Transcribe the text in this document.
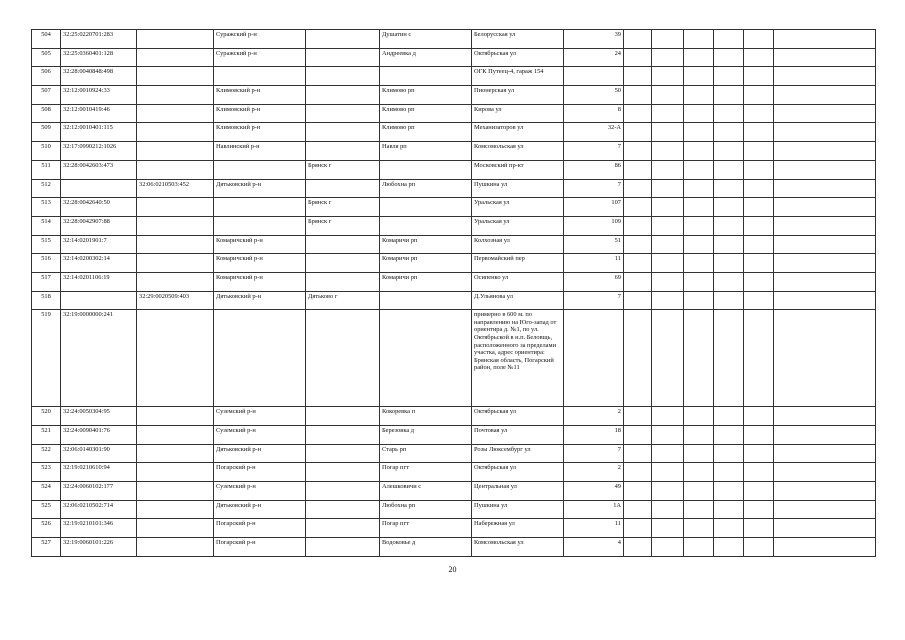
504	32:25:0220701:283		Суражский р-н		Душатин с	Белорусская ул	39						
505	32:25:0360401:128		Суражский р-н		Андреевка д	Октябрьская ул	24						
506	32:28:0040848:498					ОГК Путеец-4, гараж 154							
507	32:12:0010924:33		Климовский р-н		Климово рп	Пионерская ул	50						
508	32:12:0010419:46		Климовский р-н		Климово рп	Кирова ул	8						
509	32:12:0010401:115		Климовский р-н		Климово рп	Механизаторов ул	32-А						
510	32:17:0990212:1026		Навлинский р-н		Навля рп	Комсомольская ул	7						
511	32:28:0042603:473			Брянск г		Московский пр-кт	86						
512		32:06:0210503:452	Дятьковский р-н		Любохна рп	Пушкина ул	7						
513	32:28:0042640:50			Брянск г		Уральская ул	107						
514	32:28:0042907:88			Брянск г		Уральская ул	109						
515	32:14:0201901:7		Комаричский р-н		Комаричи рп	Колхозная ул	51						
516	32:14:0200302:14		Комаричский р-н		Комаричи рп	Первомайский пер	11						
517	32:14:0201106:19		Комаричский р-н		Комаричи рп	Осипенко ул	69						
518		32:29:0020509:403	Дятьковский р-н	Дятьково г		Д.Ульянова ул	7						
519	32:19:0000000:241					примерно в 600 м. по направлению на Юго-запад от ориентира д. №1, по ул. Октябрьской в н.п. Беловщь, расположенного за пределами участка, адрес ориентира: Брянская область, Погарский район, поле №11							
520	32:24:0050304:95		Суземский р-н		Кокоревка п	Октябрьская ул	2						
521	32:24:0090401:76		Суземский р-н		Березовка д	Почтовая ул	18						
522	32:06:0140301:90		Дятьковский р-н		Старь рп	Розы Люксембург ул	7						
523	32:19:0210610:94		Погарский р-н		Погар пгт	Октябрьская ул	2						
524	32:24:0060102:177		Суземский р-н		Алешковичи с	Центральная ул	49						
525	32:06:0210502:714		Дятьковский р-н		Любохна рп	Пушкина ул	1А						
526	32:19:0210101:346		Погарский р-н		Погар пгт	Набережная ул	11						
527	32:19:0060101:226		Погарский р-н		Водоковье д	Комсомольская ул	4						
20
